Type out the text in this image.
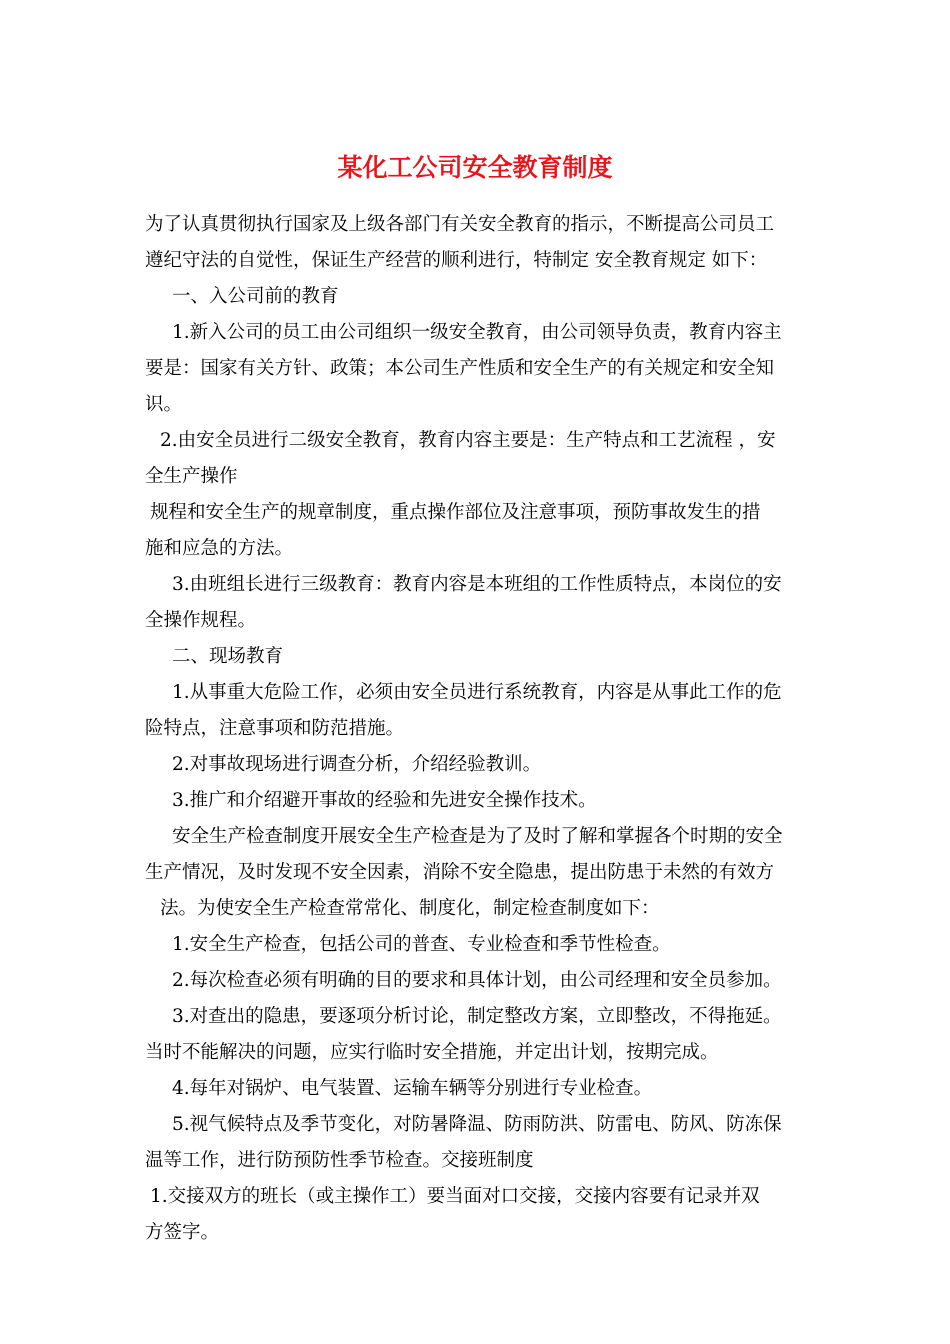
某化工公司安全教育制度
为了认真贯彻执行国家及上级各部门有关安全教育的指示，不断提高公司员工
遵纪守法的自觉性，保证生产经营的顺利进行，特制定 安全教育规定 如下：
一、入公司前的教育
1.新入公司的员工由公司组织一级安全教育，由公司领导负责，教育内容主
要是：国家有关方针、政策；本公司生产性质和安全生产的有关规定和安全知
识。
2.由安全员进行二级安全教育，教育内容主要是：生产特点和工艺流程 ，安
全生产操作
规程和安全生产的规章制度，重点操作部位及注意事项，预防事故发生的措
施和应急的方法。
3.由班组长进行三级教育：教育内容是本班组的工作性质特点，本岗位的安
全操作规程。
二、现场教育
1.从事重大危险工作，必须由安全员进行系统教育，内容是从事此工作的危
险特点，注意事项和防范措施。
2.对事故现场进行调查分析，介绍经验教训。
3.推广和介绍避开事故的经验和先进安全操作技术。
安全生产检查制度开展安全生产检查是为了及时了解和掌握各个时期的安全
生产情况，及时发现不安全因素，消除不安全隐患，提出防患于未然的有效方
法。为使安全生产检查常常化、制度化，制定检查制度如下：
1.安全生产检查，包括公司的普查、专业检查和季节性检查。
2.每次检查必须有明确的目的要求和具体计划，由公司经理和安全员参加。
3.对查出的隐患，要逐项分析讨论，制定整改方案，立即整改，不得拖延。
当时不能解决的问题，应实行临时安全措施，并定出计划，按期完成。
4.每年对锅炉、电气装置、运输车辆等分别进行专业检查。
5.视气候特点及季节变化，对防暑降温、防雨防洪、防雷电、防风、防冻保
温等工作，进行防预防性季节检查。交接班制度
1.交接双方的班长（或主操作工）要当面对口交接，交接内容要有记录并双
方签字。
